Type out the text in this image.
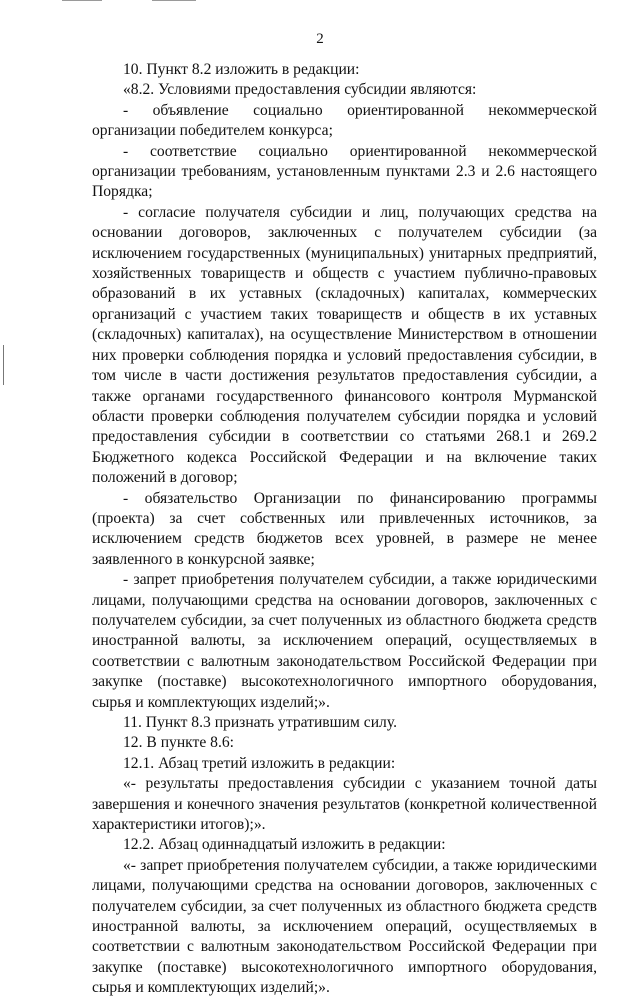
2

10. Пункт 8.2 изложить в редакции:

«8.2. Условиями предоставления субсидии являются:

- объявление социально ориентированной некоммерческой организации победителем конкурса;

- соответствие социально ориентированной некоммерческой организации требованиям, установленным пунктами 2.3 и 2.6 настоящего Порядка;

- согласие получателя субсидии и лиц, получающих средства на основании договоров, заключенных с получателем субсидии (за исключением государственных (муниципальных) унитарных предприятий, хозяйственных товариществ и обществ с участием публично-правовых образований в их уставных (складочных) капиталах, коммерческих организаций с участием таких товариществ и обществ в их уставных (складочных) капиталах), на осуществление Министерством в отношении них проверки соблюдения порядка и условий предоставления субсидии, в том числе в части достижения результатов предоставления субсидии, а также органами государственного финансового контроля Мурманской области проверки соблюдения получателем субсидии порядка и условий предоставления субсидии в соответствии со статьями 268.1 и 269.2 Бюджетного кодекса Российской Федерации и на включение таких положений в договор;

- обязательство Организации по финансированию программы (проекта) за счет собственных или привлеченных источников, за исключением средств бюджетов всех уровней, в размере не менее заявленного в конкурсной заявке;

- запрет приобретения получателем субсидии, а также юридическими лицами, получающими средства на основании договоров, заключенных с получателем субсидии, за счет полученных из областного бюджета средств иностранной валюты, за исключением операций, осуществляемых в соответствии с валютным законодательством Российской Федерации при закупке (поставке) высокотехнологичного импортного оборудования, сырья и комплектующих изделий;».

11. Пункт 8.3 признать утратившим силу.

12. В пункте 8.6:

12.1. Абзац третий изложить в редакции:

«- результаты предоставления субсидии с указанием точной даты завершения и конечного значения результатов (конкретной количественной характеристики итогов);».

12.2. Абзац одиннадцатый изложить в редакции:

«- запрет приобретения получателем субсидии, а также юридическими лицами, получающими средства на основании договоров, заключенных с получателем субсидии, за счет полученных из областного бюджета средств иностранной валюты, за исключением операций, осуществляемых в соответствии с валютным законодательством Российской Федерации при закупке (поставке) высокотехнологичного импортного оборудования, сырья и комплектующих изделий;».
